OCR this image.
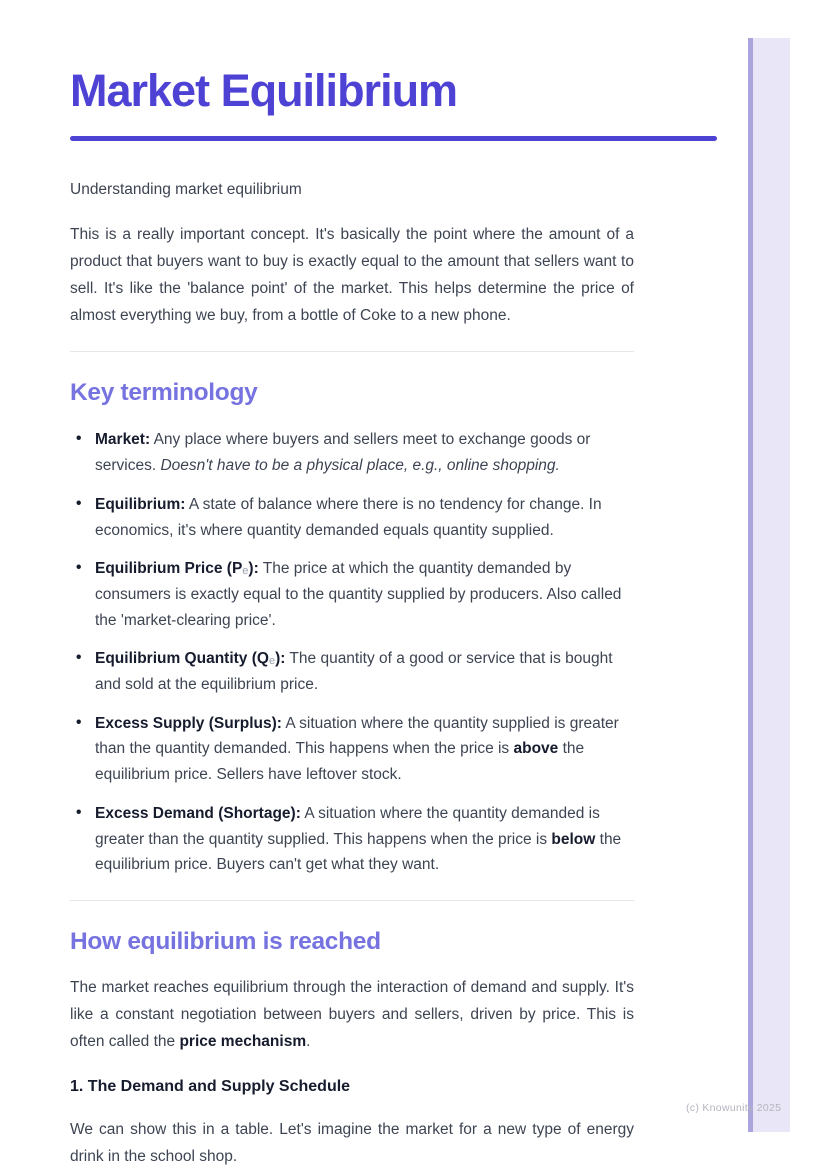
(c) Knowunity 2025
Market Equilibrium

Understanding market equilibrium

This is a really important concept. It's basically the point where the amount of a product that buyers want to buy is exactly equal to the amount that sellers want to sell. It's like the 'balance point' of the market. This helps determine the price of almost everything we buy, from a bottle of Coke to a new phone.

Key terminology
• Market: Any place where buyers and sellers meet to exchange goods or services. Doesn't have to be a physical place, e.g., online shopping.
• Equilibrium: A state of balance where there is no tendency for change. In economics, it's where quantity demanded equals quantity supplied.
• Equilibrium Price $(P_e)$: The price at which the quantity demanded by consumers is exactly equal to the quantity supplied by producers. Also called the 'market-clearing price'.
• Equilibrium Quantity $(Q_e)$: The quantity of a good or service that is bought and sold at the equilibrium price.
• Excess Supply (Surplus): A situation where the quantity supplied is greater than the quantity demanded. This happens when the price is above the equilibrium price. Sellers have leftover stock.
• Excess Demand (Shortage): A situation where the quantity demanded is greater than the quantity supplied. This happens when the price is below the equilibrium price. Buyers can't get what they want.
How equilibrium is reached

The market reaches equilibrium through the interaction of demand and supply. It's like a constant negotiation between buyers and sellers, driven by price. This is often called the price mechanism.

1. The Demand and Supply Schedule

We can show this in a table. Let's imagine the market for a new type of energy drink in the school shop.
